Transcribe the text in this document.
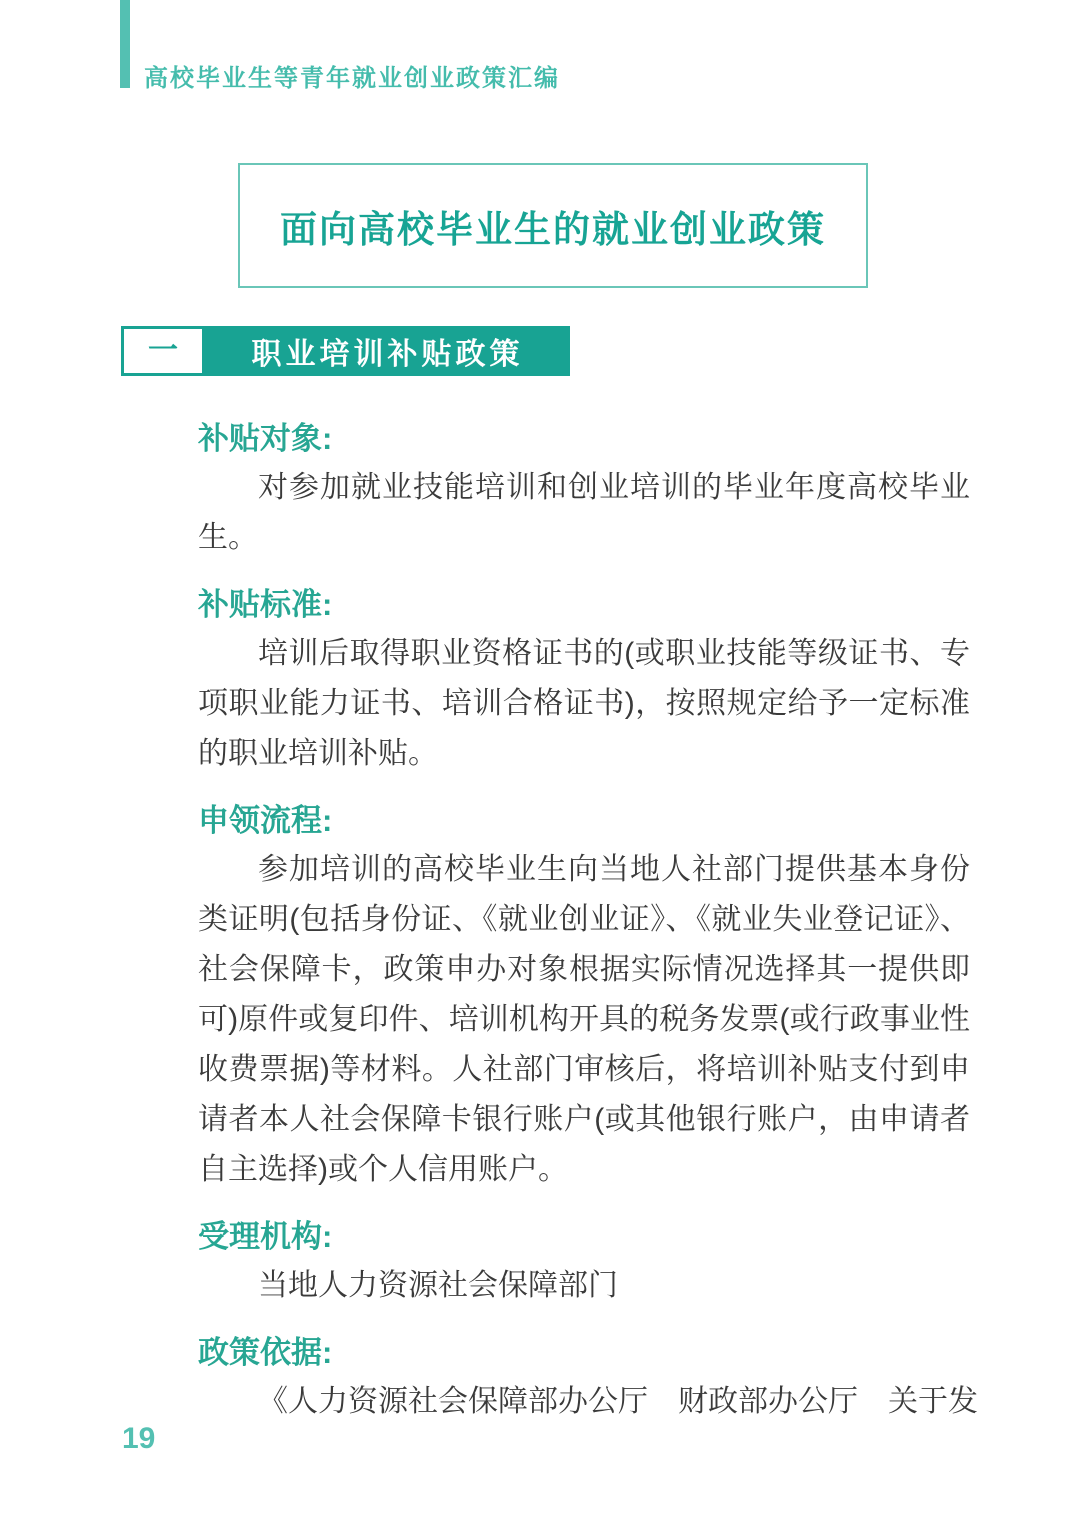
高校毕业生等青年就业创业政策汇编
面向高校毕业生的就业创业政策
一 职业培训补贴政策
补贴对象:

对参加就业技能培训和创业培训的毕业年度高校毕业生。

补贴标准:

培训后取得职业资格证书的(或职业技能等级证书、专项职业能力证书、培训合格证书)，按照规定给予一定标准的职业培训补贴。

申领流程:

参加培训的高校毕业生向当地人社部门提供基本身份类证明(包括身份证、《就业创业证》、《就业失业登记证》、社会保障卡，政策申办对象根据实际情况选择其一提供即可)原件或复印件、培训机构开具的税务发票(或行政事业性收费票据)等材料。人社部门审核后，将培训补贴支付到申请者本人社会保障卡银行账户(或其他银行账户，由申请者自主选择)或个人信用账户。

受理机构:

当地人力资源社会保障部门

政策依据:

《人力资源社会保障部办公厅　财政部办公厅　关于发

19
